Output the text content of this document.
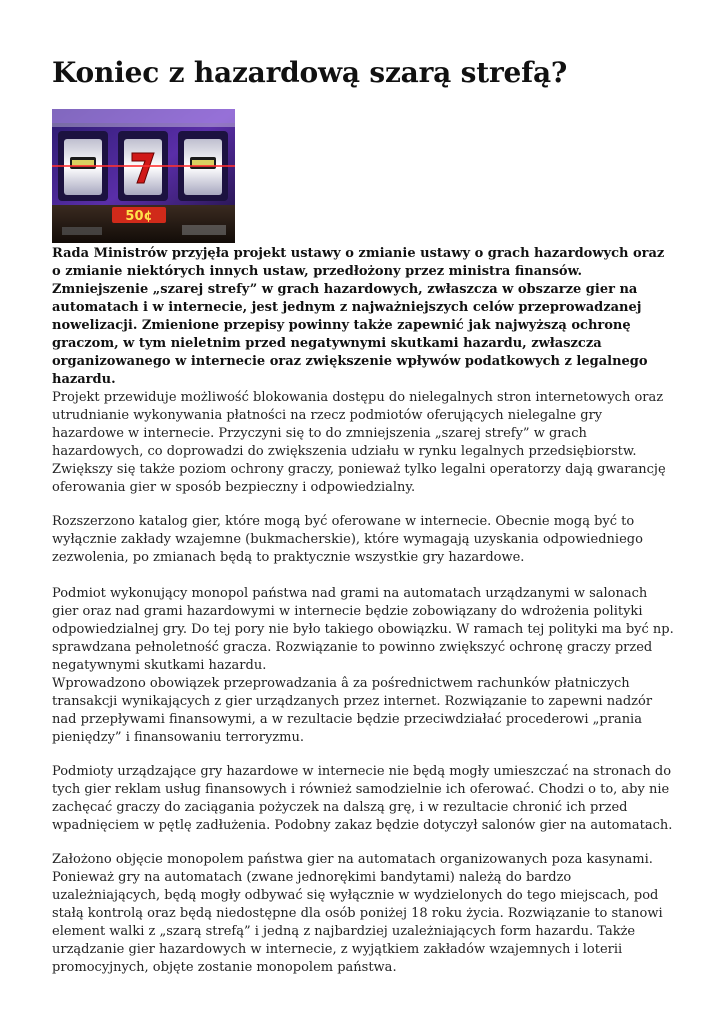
Koniec z hazardową szarą strefą?
50¢

Rada Ministrów przyjęła projekt ustawy o zmianie ustawy o grach hazardowych oraz o zmianie niektórych innych ustaw, przedłożony przez ministra finansów. Zmniejszenie „szarej strefy” w grach hazardowych, zwłaszcza w obszarze gier na automatach i w internecie, jest jednym z najważniejszych celów przeprowadzanej nowelizacji. Zmienione przepisy powinny także zapewnić jak najwyższą ochronę graczom, w tym nieletnim przed negatywnymi skutkami hazardu, zwłaszcza organizowanego w internecie oraz zwiększenie wpływów podatkowych z legalnego hazardu.

Projekt przewiduje możliwość blokowania dostępu do nielegalnych stron internetowych oraz utrudnianie wykonywania płatności na rzecz podmiotów oferujących nielegalne gry hazardowe w internecie. Przyczyni się to do zmniejszenia „szarej strefy” w grach hazardowych, co doprowadzi do zwiększenia udziału w rynku legalnych przedsiębiorstw. Zwiększy się także poziom ochrony graczy, ponieważ tylko legalni operatorzy dają gwarancję oferowania gier w sposób bezpieczny i odpowiedzialny.

Rozszerzono katalog gier, które mogą być oferowane w internecie. Obecnie mogą być to wyłącznie zakłady wzajemne (bukmacherskie), które wymagają uzyskania odpowiedniego zezwolenia, po zmianach będą to praktycznie wszystkie gry hazardowe.

Podmiot wykonujący monopol państwa nad grami na automatach urządzanymi w salonach gier oraz nad grami hazardowymi w internecie będzie zobowiązany do wdrożenia polityki odpowiedzialnej gry. Do tej pory nie było takiego obowiązku. W ramach tej polityki ma być np. sprawdzana pełnoletność gracza. Rozwiązanie to powinno zwiększyć ochronę graczy przed negatywnymi skutkami hazardu.

Wprowadzono obowiązek przeprowadzania â za pośrednictwem rachunków płatniczych transakcji wynikających z gier urządzanych przez internet. Rozwiązanie to zapewni nadzór nad przepływami finansowymi, a w rezultacie będzie przeciwdziałać procederowi „prania pieniędzy” i finansowaniu terroryzmu.

Podmioty urządzające gry hazardowe w internecie nie będą mogły umieszczać na stronach do tych gier reklam usług finansowych i również samodzielnie ich oferować. Chodzi o to, aby nie zachęcać graczy do zaciągania pożyczek na dalszą grę, i w rezultacie chronić ich przed wpadnięciem w pętlę zadłużenia. Podobny zakaz będzie dotyczył salonów gier na automatach.

Założono objęcie monopolem państwa gier na automatach organizowanych poza kasynami. Ponieważ gry na automatach (zwane jednorękimi bandytami) należą do bardzo uzależniających, będą mogły odbywać się wyłącznie w wydzielonych do tego miejscach, pod stałą kontrolą oraz będą niedostępne dla osób poniżej 18 roku życia. Rozwiązanie to stanowi element walki z „szarą strefą” i jedną z najbardziej uzależniających form hazardu. Także urządzanie gier hazardowych w internecie, z wyjątkiem zakładów wzajemnych i loterii promocyjnych, objęte zostanie monopolem państwa.
